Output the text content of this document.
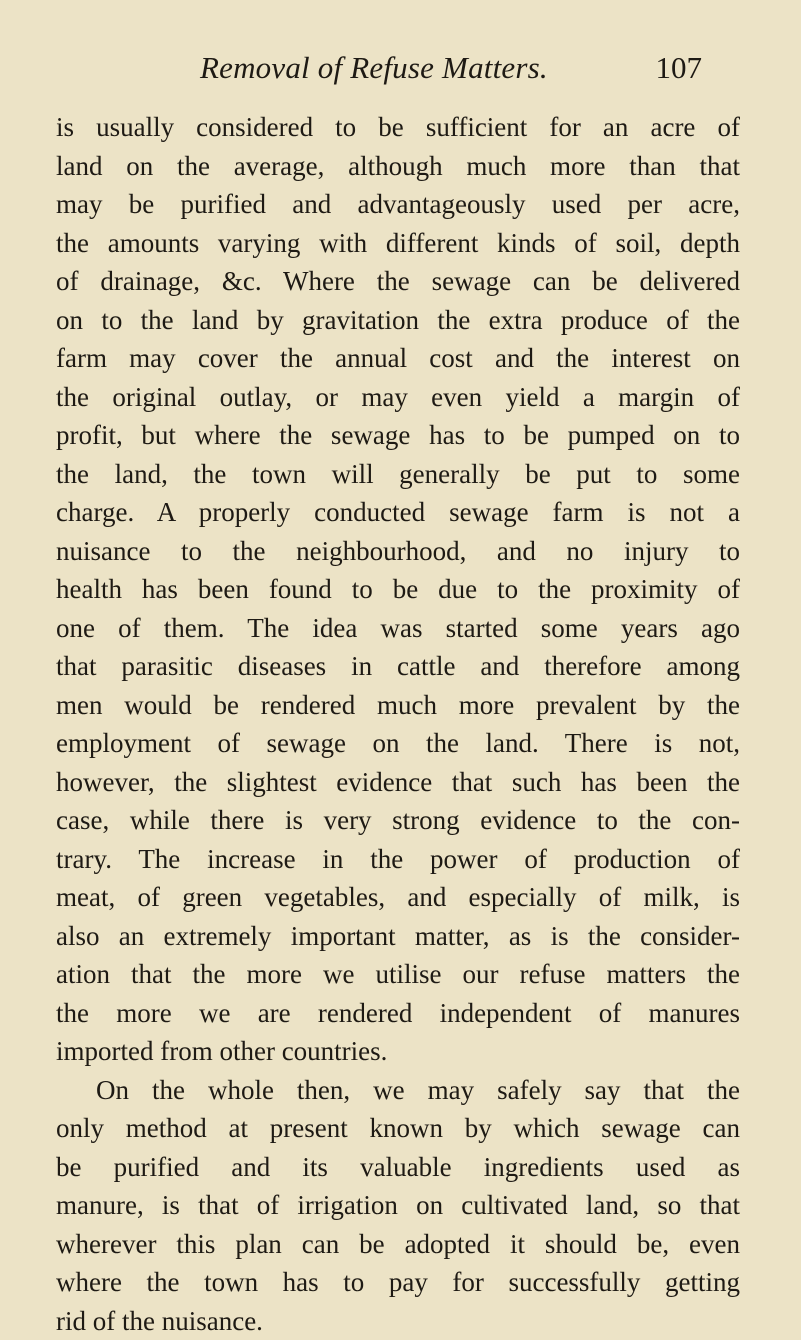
Removal of Refuse Matters.	107
is usually considered to be sufficient for an acre of
land on the average, although much more than that
may be purified and advantageously used per acre,
the amounts varying with different kinds of soil, depth
of drainage, &c. Where the sewage can be delivered
on to the land by gravitation the extra produce of the
farm may cover the annual cost and the interest on
the original outlay, or may even yield a margin of
profit, but where the sewage has to be pumped on to
the land, the town will generally be put to some
charge. A properly conducted sewage farm is not a
nuisance to the neighbourhood, and no injury to
health has been found to be due to the proximity of
one of them. The idea was started some years ago
that parasitic diseases in cattle and therefore among
men would be rendered much more prevalent by the
employment of sewage on the land. There is not,
however, the slightest evidence that such has been the
case, while there is very strong evidence to the con-
trary. The increase in the power of production of
meat, of green vegetables, and especially of milk, is
also an extremely important matter, as is the consider-
ation that the more we utilise our refuse matters the
the more we are rendered independent of manures
imported from other countries.
On the whole then, we may safely say that the
only method at present known by which sewage can
be purified and its valuable ingredients used as
manure, is that of irrigation on cultivated land, so that
wherever this plan can be adopted it should be, even
where the town has to pay for successfully getting
rid of the nuisance.
